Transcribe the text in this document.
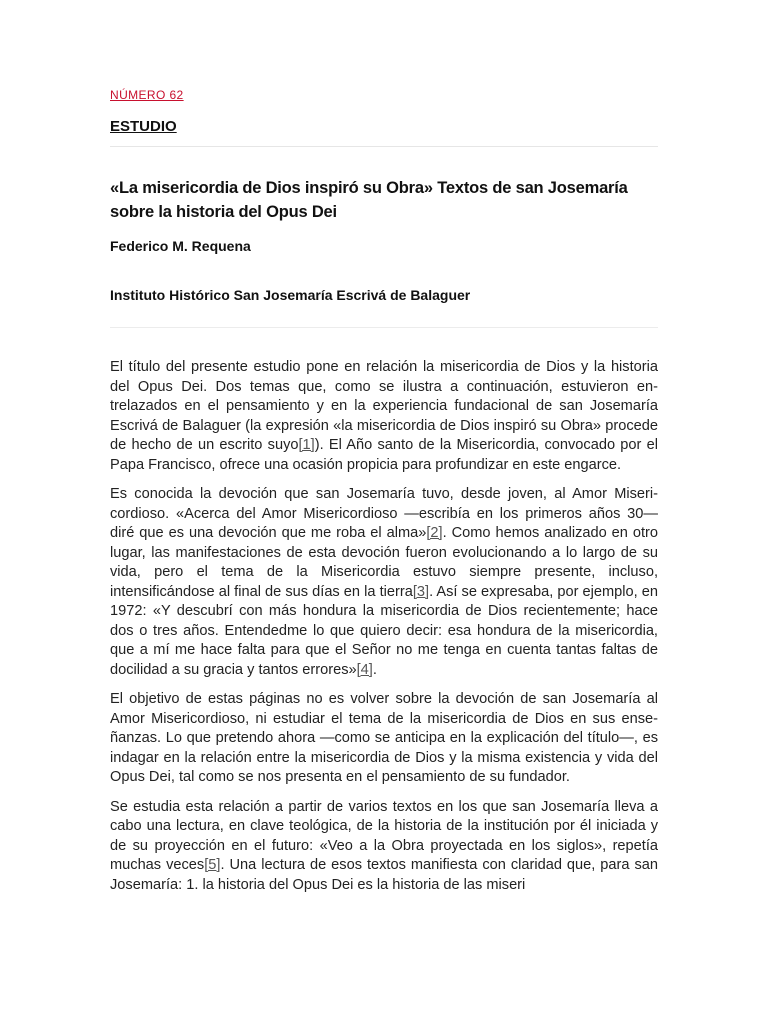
NÚMERO 62
ESTUDIO
«La misericordia de Dios inspiró su Obra» Textos de san Josemaría sobre la historia del Opus Dei
Federico M. Requena
Instituto Histórico San Josemaría Escrivá de Balaguer

El título del presente estudio pone en relación la misericordia de Dios y la historia del Opus Dei. Dos temas que, como se ilustra a continuación, estuvieron entrelazados en el pensamiento y en la experiencia fundacional de san Josemaría Escrivá de Balaguer (la expresión «la misericordia de Dios inspiró su Obra» procede de hecho de un escrito suyo[1]). El Año santo de la Misericordia, convocado por el Papa Francisco, ofrece una ocasión propicia para profundizar en este engarce.

Es conocida la devoción que san Josemaría tuvo, desde joven, al Amor Misericordioso. «Acerca del Amor Misericordioso —escribía en los primeros años 30— diré que es una devoción que me roba el alma»[2]. Como hemos analizado en otro lugar, las manifestaciones de esta devoción fueron evolucionando a lo largo de su vida, pero el tema de la Misericordia estuvo siempre presente, incluso, intensificándose al final de sus días en la tierra[3]. Así se expresaba, por ejemplo, en 1972: «Y descubrí con más hondura la misericordia de Dios recientemente; hace dos o tres años. Entendedme lo que quiero decir: esa hondura de la misericordia, que a mí me hace falta para que el Señor no me tenga en cuenta tantas faltas de docilidad a su gracia y tantos errores»[4].

El objetivo de estas páginas no es volver sobre la devoción de san Josemaría al Amor Misericordioso, ni estudiar el tema de la misericordia de Dios en sus enseñanzas. Lo que pretendo ahora —como se anticipa en la explicación del título—, es indagar en la relación entre la misericordia de Dios y la misma existencia y vida del Opus Dei, tal como se nos presenta en el pensamiento de su fundador.

Se estudia esta relación a partir de varios textos en los que san Josemaría lleva a cabo una lectura, en clave teológica, de la historia de la institución por él iniciada y de su proyección en el futuro: «Veo a la Obra proyectada en los siglos», repetía muchas veces[5]. Una lectura de esos textos manifiesta con claridad que, para san Josemaría: 1. la historia del Opus Dei es la historia de las miseri
